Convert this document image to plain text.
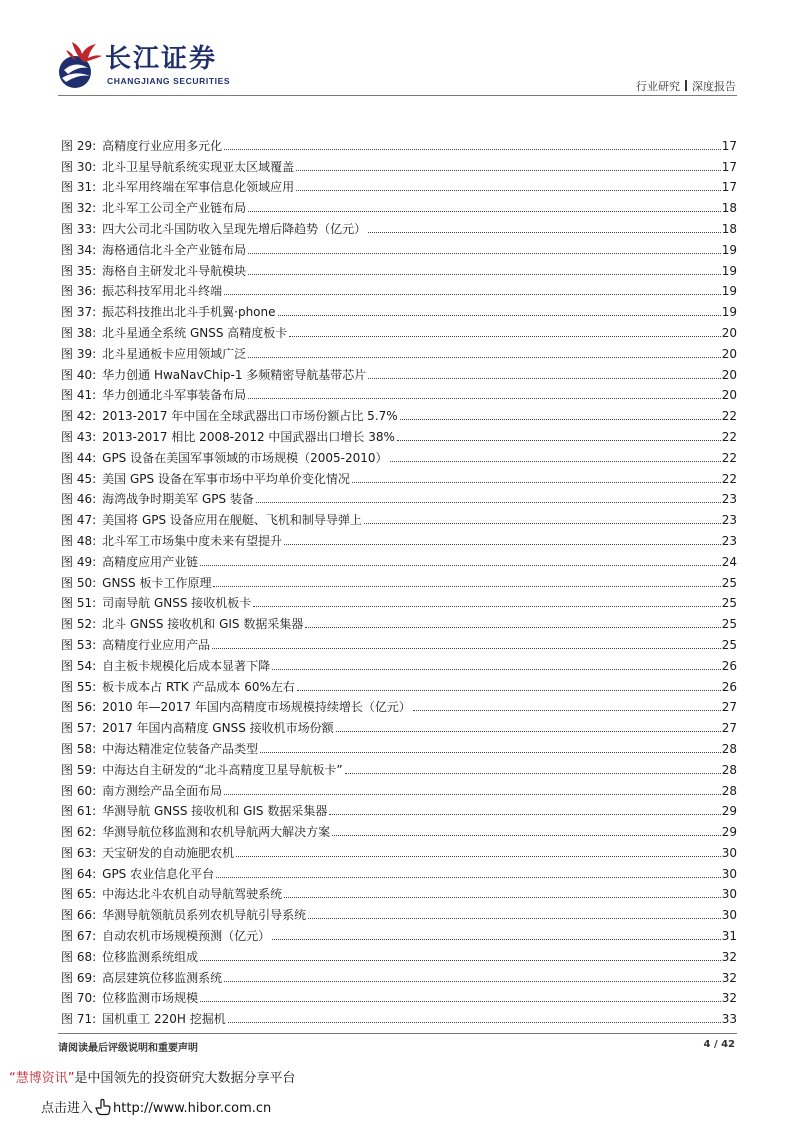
长江证券
CHANGJIANG SECURITIES	行业研究 深度报告
图 29: 高精度行业应用多元化	17
图 30: 北斗卫星导航系统实现亚太区域覆盖	17
图 31: 北斗军用终端在军事信息化领域应用	17
图 32: 北斗军工公司全产业链布局	18
图 33: 四大公司北斗国防收入呈现先增后降趋势（亿元）	18
图 34: 海格通信北斗全产业链布局	19
图 35: 海格自主研发北斗导航模块	19
图 36: 振芯科技军用北斗终端	19
图 37: 振芯科技推出北斗手机翼·phone	19
图 38: 北斗星通全系统 GNSS 高精度板卡	20
图 39: 北斗星通板卡应用领域广泛	20
图 40: 华力创通 HwaNavChip-1 多频精密导航基带芯片	20
图 41: 华力创通北斗军事装备布局	20
图 42: 2013-2017 年中国在全球武器出口市场份额占比 5.7%	22
图 43: 2013-2017 相比 2008-2012 中国武器出口增长 38%	22
图 44: GPS 设备在美国军事领域的市场规模（2005-2010）	22
图 45: 美国 GPS 设备在军事市场中平均单价变化情况	22
图 46: 海湾战争时期美军 GPS 装备	23
图 47: 美国将 GPS 设备应用在舰艇、飞机和制导导弹上	23
图 48: 北斗军工市场集中度未来有望提升	23
图 49: 高精度应用产业链	24
图 50: GNSS 板卡工作原理	25
图 51: 司南导航 GNSS 接收机板卡	25
图 52: 北斗 GNSS 接收机和 GIS 数据采集器	25
图 53: 高精度行业应用产品	25
图 54: 自主板卡规模化后成本显著下降	26
图 55: 板卡成本占 RTK 产品成本 60%左右	26
图 56: 2010 年—2017 年国内高精度市场规模持续增长（亿元）	27
图 57: 2017 年国内高精度 GNSS 接收机市场份额	27
图 58: 中海达精准定位装备产品类型	28
图 59: 中海达自主研发的“北斗高精度卫星导航板卡”	28
图 60: 南方测绘产品全面布局	28
图 61: 华测导航 GNSS 接收机和 GIS 数据采集器	29
图 62: 华测导航位移监测和农机导航两大解决方案	29
图 63: 天宝研发的自动施肥农机	30
图 64: GPS 农业信息化平台	30
图 65: 中海达北斗农机自动导航驾驶系统	30
图 66: 华测导航领航员系列农机导航引导系统	30
图 67: 自动农机市场规模预测（亿元）	31
图 68: 位移监测系统组成	32
图 69: 高层建筑位移监测系统	32
图 70: 位移监测市场规模	32
图 71: 国机重工 220H 挖掘机	33
请阅读最后评级说明和重要声明	4 / 42
“慧博资讯”是中国领先的投资研究大数据分享平台
点击进入 http://www.hibor.com.cn
